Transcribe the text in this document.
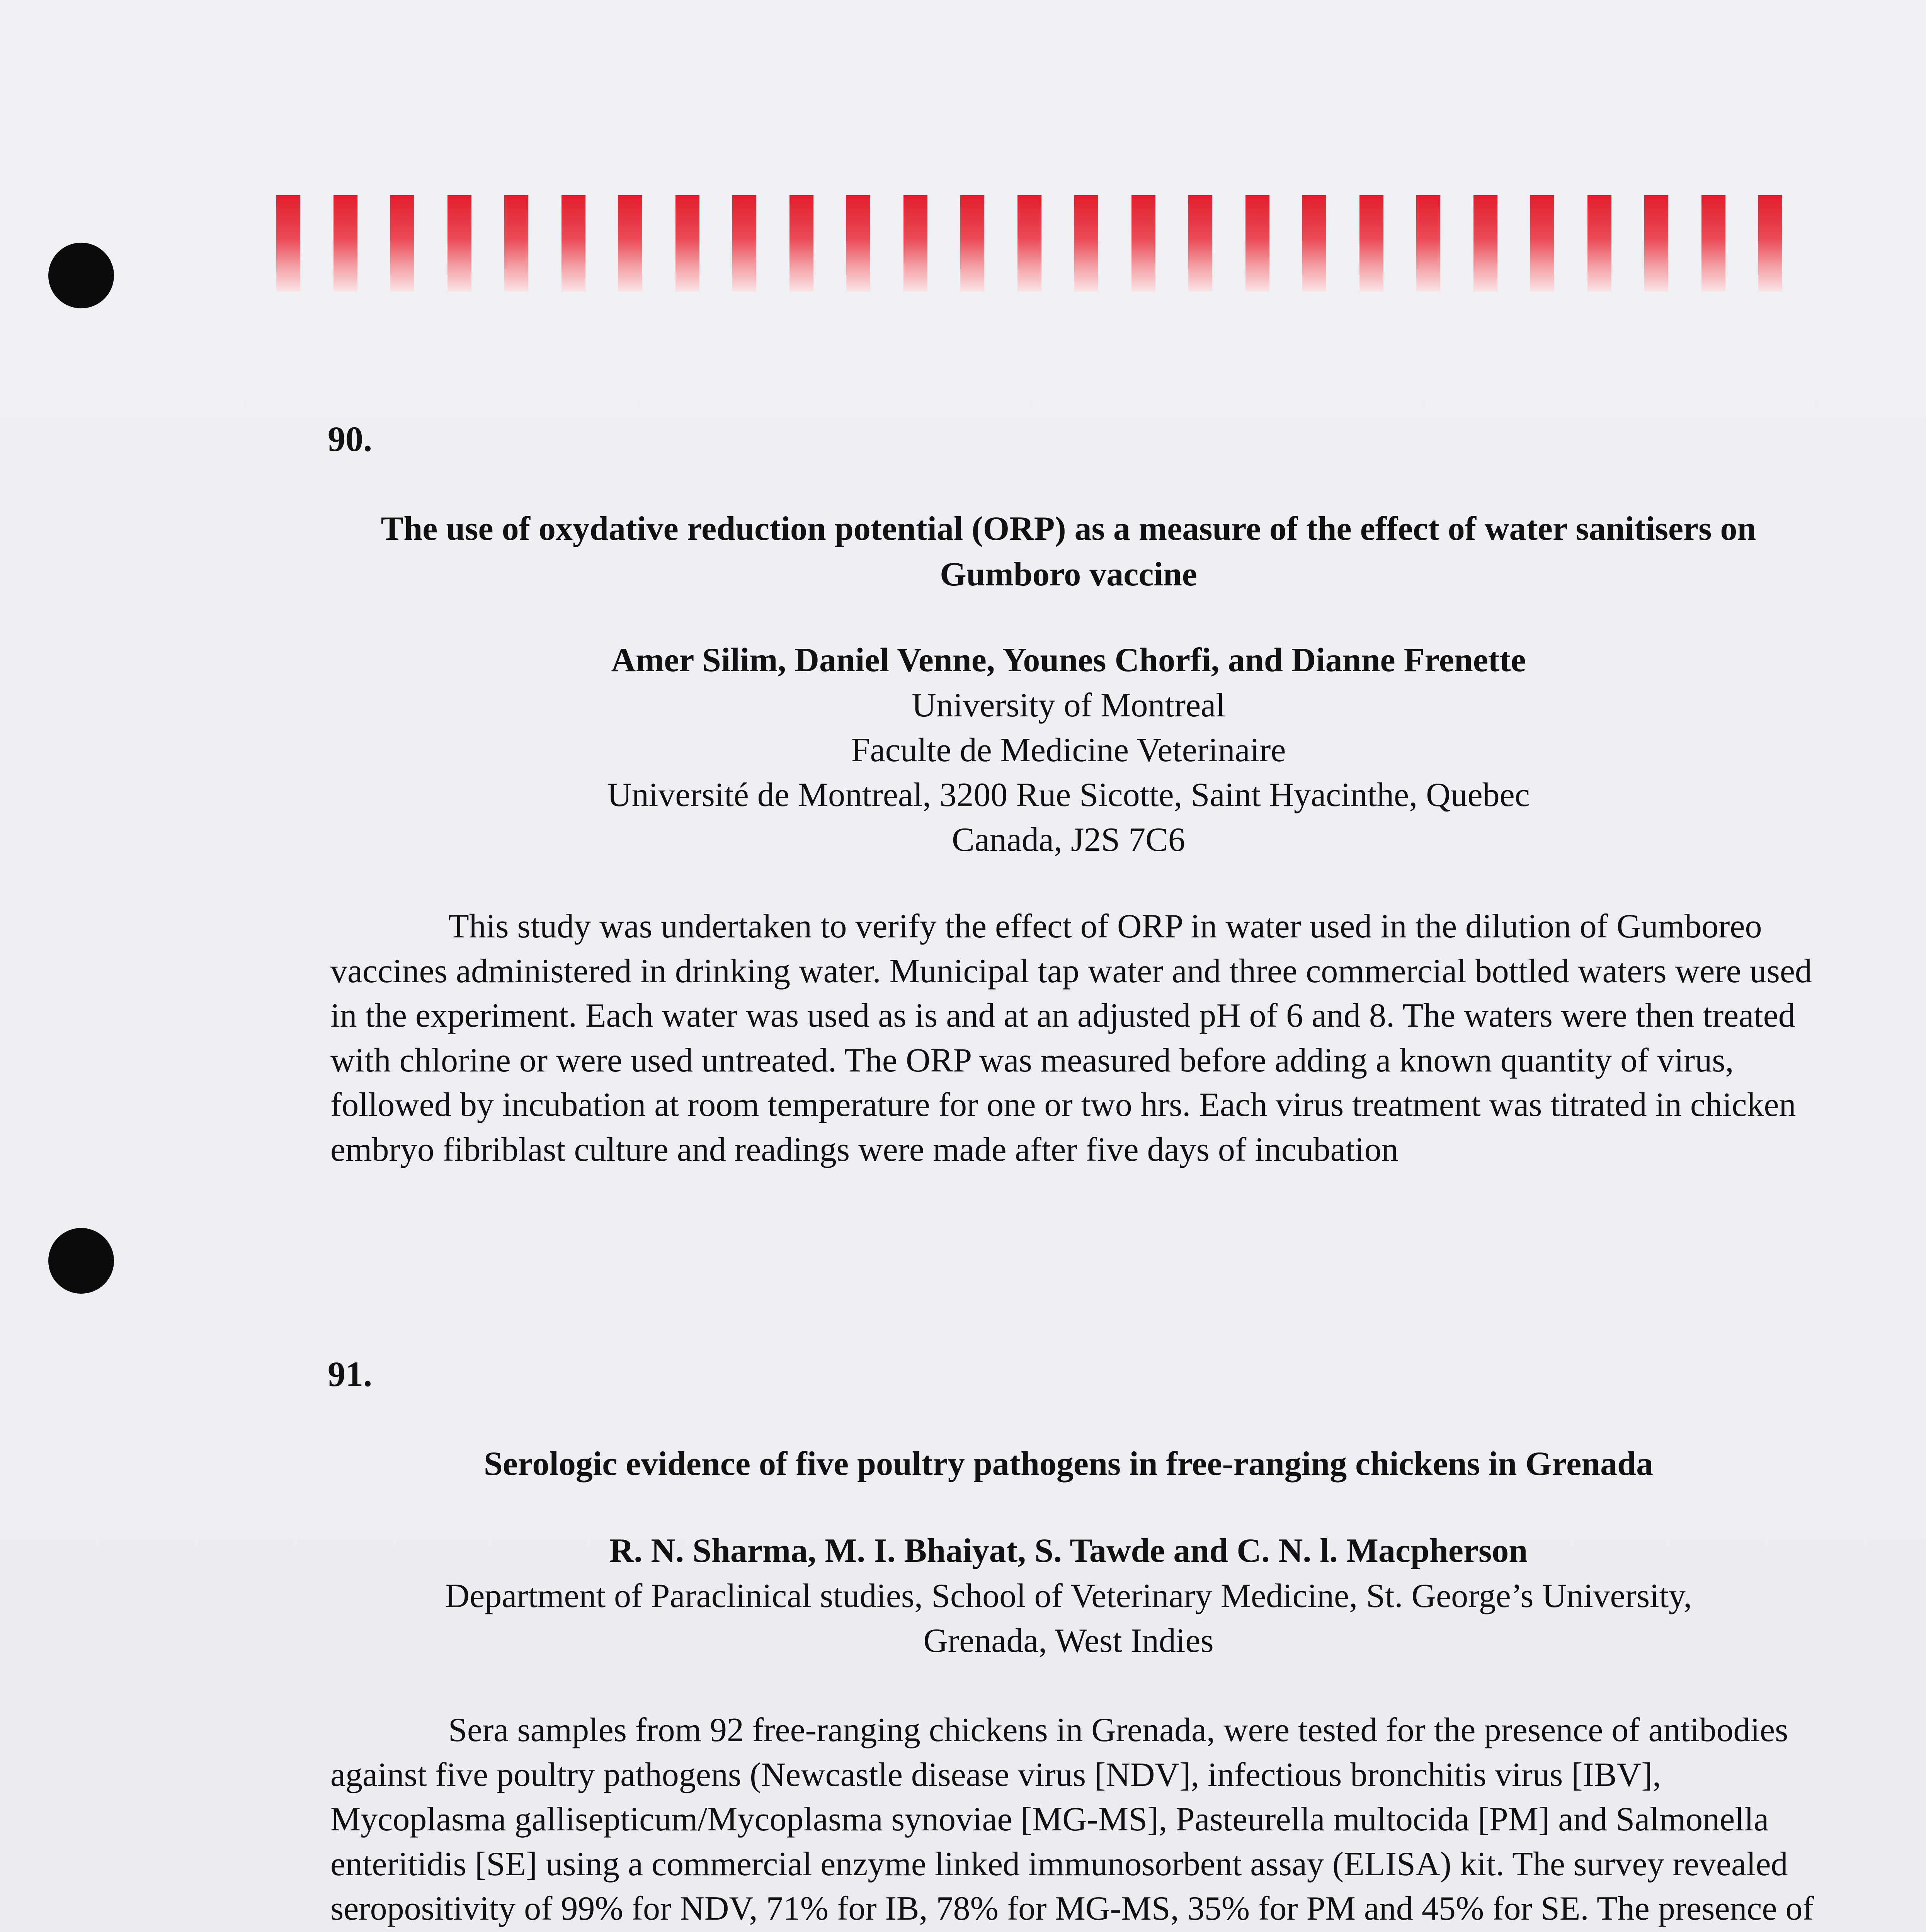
90.

The use of oxydative reduction potential (ORP) as a measure of the effect of water sanitisers on Gumboro vaccine

Amer Silim, Daniel Venne, Younes Chorfi, and Dianne Frenette

University of Montreal
Faculte de Medicine Veterinaire
Université de Montreal, 3200 Rue Sicotte, Saint Hyacinthe, Quebec
Canada, J2S 7C6

This study was undertaken to verify the effect of ORP in water used in the dilution of Gumboreo vaccines administered in drinking water. Municipal tap water and three commercial bottled waters were used in the experiment. Each water was used as is and at an adjusted pH of 6 and 8. The waters were then treated with chlorine or were used untreated. The ORP was measured before adding a known quantity of virus, followed by incubation at room temperature for one or two hrs. Each virus treatment was titrated in chicken embryo fibriblast culture and readings were made after five days of incubation

91.

Serologic evidence of five poultry pathogens in free-ranging chickens in Grenada

R. N. Sharma, M. I. Bhaiyat, S. Tawde and C. N. l. Macpherson

Department of Paraclinical studies, School of Veterinary Medicine, St. George’s University,
Grenada, West Indies

Sera samples from 92 free-ranging chickens in Grenada, were tested for the presence of antibodies against five poultry pathogens (Newcastle disease virus [NDV], infectious bronchitis virus [IBV], Mycoplasma gallisepticum/Mycoplasma synoviae [MG-MS], Pasteurella multocida [PM] and Salmonella enteritidis [SE] using a commercial enzyme linked immunosorbent assay (ELISA) kit. The survey revealed seropositivity of 99% for NDV, 71% for IB, 78% for MG-MS, 35% for PM and 45% for SE. The presence of
